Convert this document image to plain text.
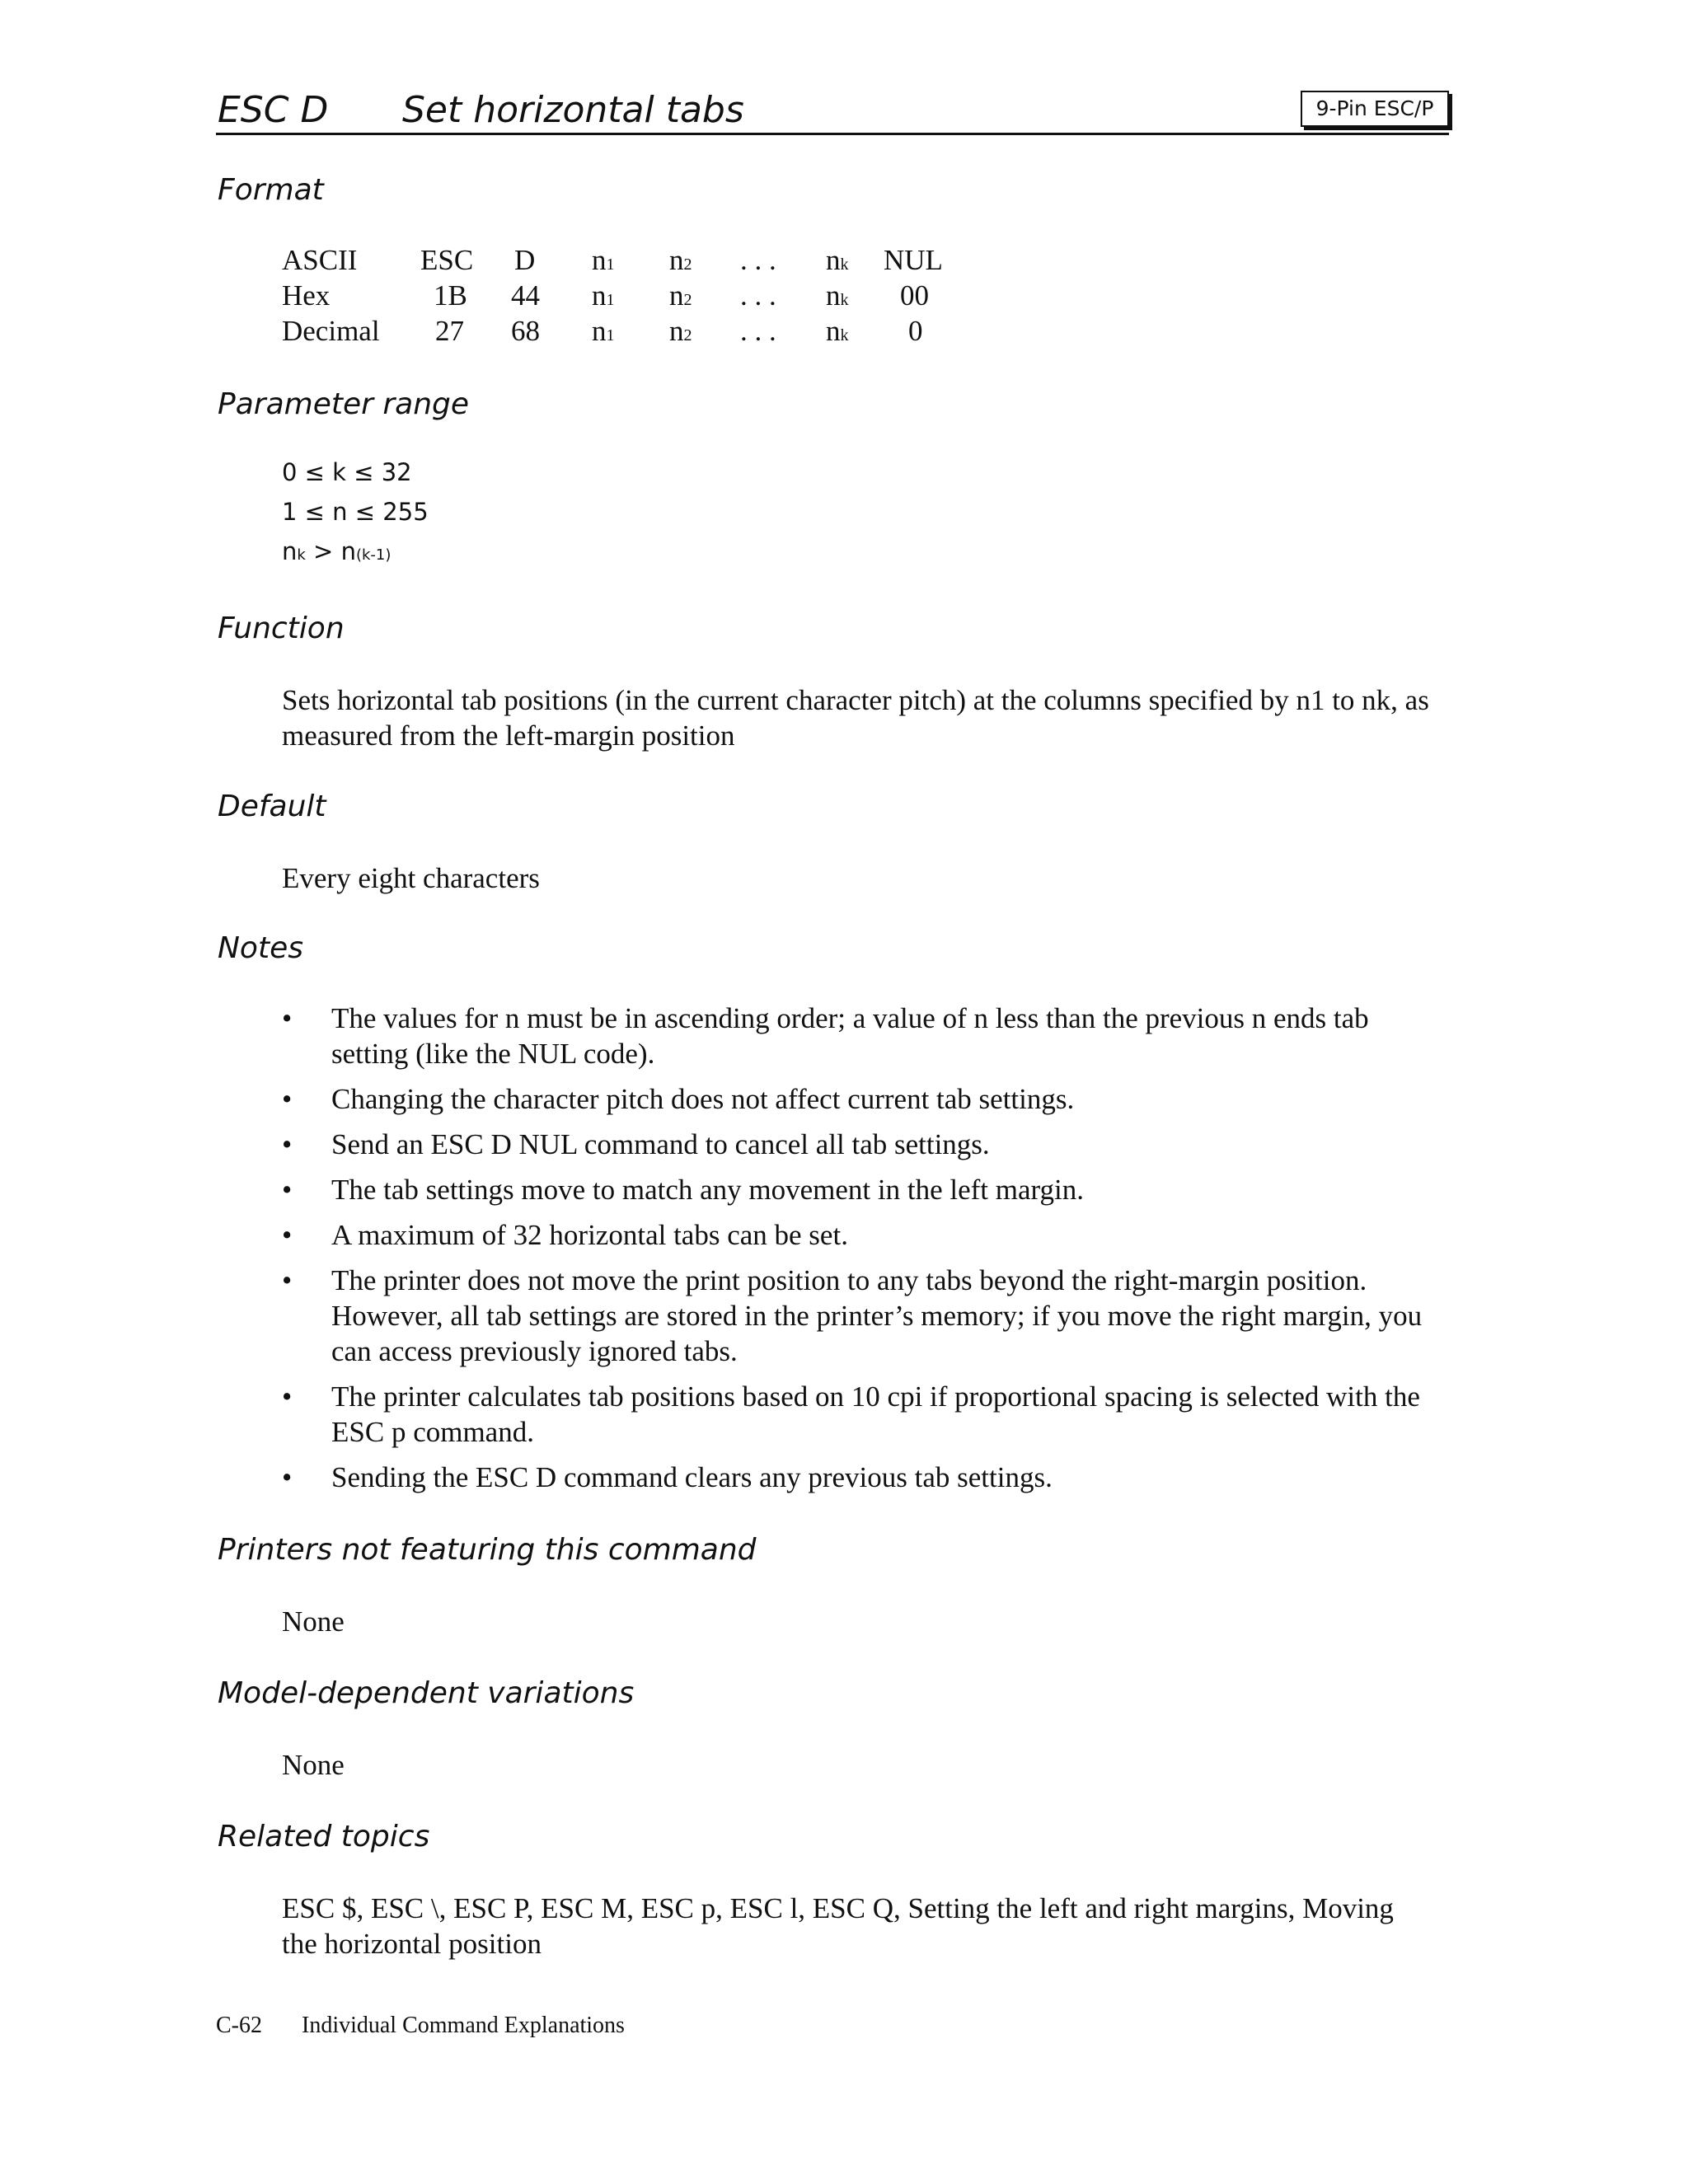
ESC D Set horizontal tabs	9-Pin ESC/P
Format
ASCII ESC D n1 n2 . . . nk NUL
Hex	1B 44 n1 n2 . . . nk 00
Decimal 27 68 n1 n2 . . . nk 0
Parameter range
0 ≤ k ≤ 32
1 ≤ n ≤ 255
nk > n(k-1)
Function
Sets horizontal tab positions (in the current character pitch) at the columns specified by n1 to nk, as measured from the left-margin position
Default
Every eight characters
Notes
• The values for n must be in ascending order; a value of n less than the previous n ends tab setting (like the NUL code).
• Changing the character pitch does not affect current tab settings.
• Send an ESC D NUL command to cancel all tab settings.
• The tab settings move to match any movement in the left margin.
• A maximum of 32 horizontal tabs can be set.
• The printer does not move the print position to any tabs beyond the right-margin position. However, all tab settings are stored in the printer’s memory; if you move the right margin, you can access previously ignored tabs.
• The printer calculates tab positions based on 10 cpi if proportional spacing is selected with the ESC p command.
• Sending the ESC D command clears any previous tab settings.
Printers not featuring this command
None
Model-dependent variations
None
Related topics
ESC $, ESC \, ESC P, ESC M, ESC p, ESC l, ESC Q, Setting the left and right margins, Moving the horizontal position
C-62 Individual Command Explanations
